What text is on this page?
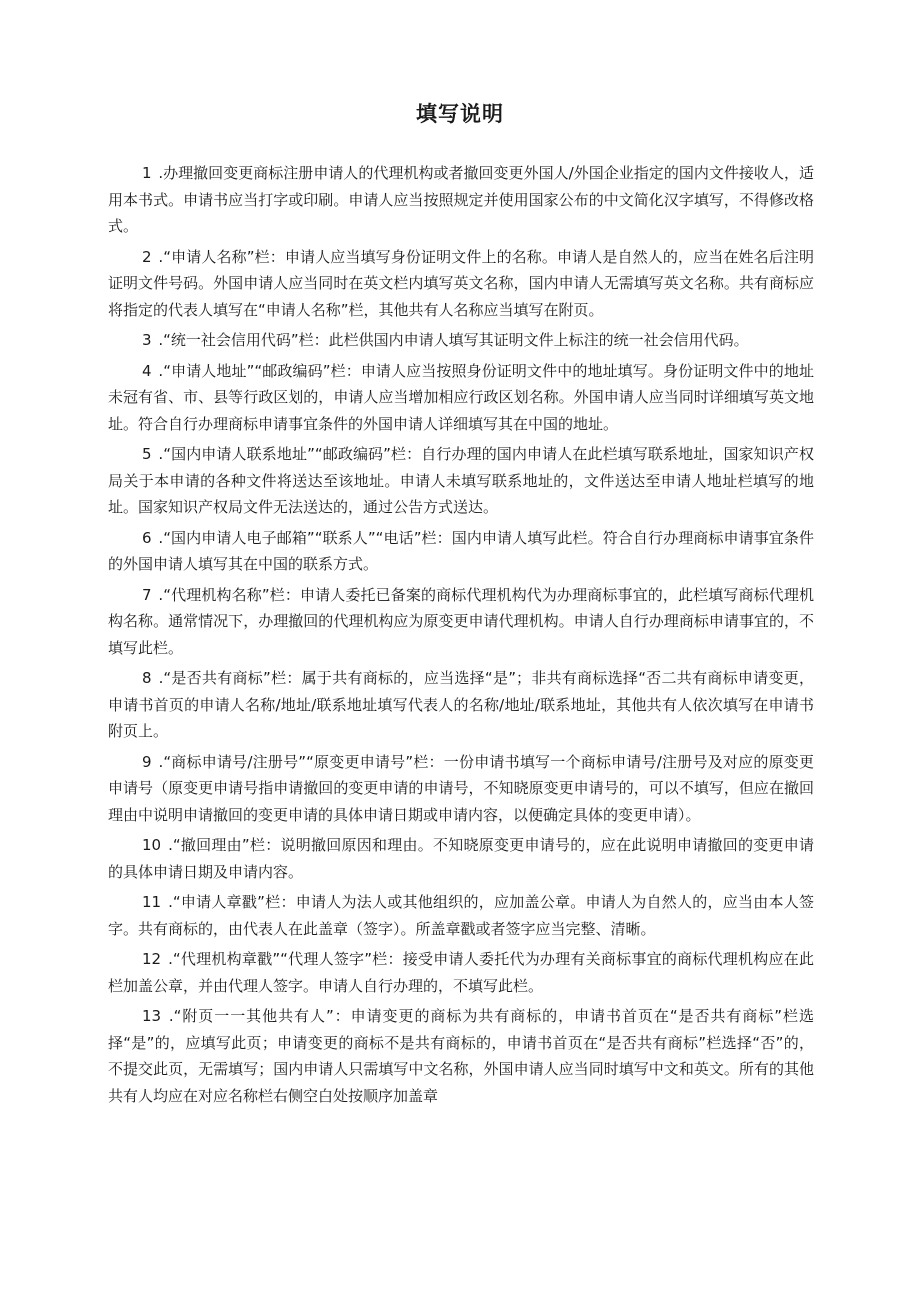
填写说明

1 .办理撤回变更商标注册申请人的代理机构或者撤回变更外国人/外国企业指定的国内文件接收人，适用本书式。申请书应当打字或印刷。申请人应当按照规定并使用国家公布的中文简化汉字填写，不得修改格式。

2 .“申请人名称”栏：申请人应当填写身份证明文件上的名称。申请人是自然人的，应当在姓名后注明证明文件号码。外国申请人应当同时在英文栏内填写英文名称，国内申请人无需填写英文名称。共有商标应将指定的代表人填写在“申请人名称”栏，其他共有人名称应当填写在附页。

3 .“统一社会信用代码”栏：此栏供国内申请人填写其证明文件上标注的统一社会信用代码。

4 .“申请人地址”“邮政编码”栏：申请人应当按照身份证明文件中的地址填写。身份证明文件中的地址未冠有省、市、县等行政区划的，申请人应当增加相应行政区划名称。外国申请人应当同时详细填写英文地址。符合自行办理商标申请事宜条件的外国申请人详细填写其在中国的地址。

5 .“国内申请人联系地址”“邮政编码”栏：自行办理的国内申请人在此栏填写联系地址，国家知识产权局关于本申请的各种文件将送达至该地址。申请人未填写联系地址的，文件送达至申请人地址栏填写的地址。国家知识产权局文件无法送达的，通过公告方式送达。

6 .“国内申请人电子邮箱”“联系人”“电话”栏：国内申请人填写此栏。符合自行办理商标申请事宜条件的外国申请人填写其在中国的联系方式。

7 .“代理机构名称”栏：申请人委托已备案的商标代理机构代为办理商标事宜的，此栏填写商标代理机构名称。通常情况下，办理撤回的代理机构应为原变更申请代理机构。申请人自行办理商标申请事宜的，不填写此栏。

8 .“是否共有商标”栏：属于共有商标的，应当选择“是”；非共有商标选择“否二共有商标申请变更，申请书首页的申请人名称/地址/联系地址填写代表人的名称/地址/联系地址，其他共有人依次填写在申请书附页上。

9 .“商标申请号/注册号”“原变更申请号”栏：一份申请书填写一个商标申请号/注册号及对应的原变更申请号（原变更申请号指申请撤回的变更申请的申请号，不知晓原变更申请号的，可以不填写，但应在撤回理由中说明申请撤回的变更申请的具体申请日期或申请内容，以便确定具体的变更申请）。

10 .“撤回理由”栏：说明撤回原因和理由。不知晓原变更申请号的，应在此说明申请撤回的变更申请的具体申请日期及申请内容。

11 .“申请人章戳”栏：申请人为法人或其他组织的，应加盖公章。申请人为自然人的，应当由本人签字。共有商标的，由代表人在此盖章（签字）。所盖章戳或者签字应当完整、清晰。

12 .“代理机构章戳”“代理人签字”栏：接受申请人委托代为办理有关商标事宜的商标代理机构应在此栏加盖公章，并由代理人签字。申请人自行办理的，不填写此栏。

13 .“附页一一其他共有人”：申请变更的商标为共有商标的，申请书首页在“是否共有商标”栏选择“是”的，应填写此页；申请变更的商标不是共有商标的，申请书首页在“是否共有商标”栏选择“否”的，不提交此页，无需填写；国内申请人只需填写中文名称，外国申请人应当同时填写中文和英文。所有的其他共有人均应在对应名称栏右侧空白处按顺序加盖章
